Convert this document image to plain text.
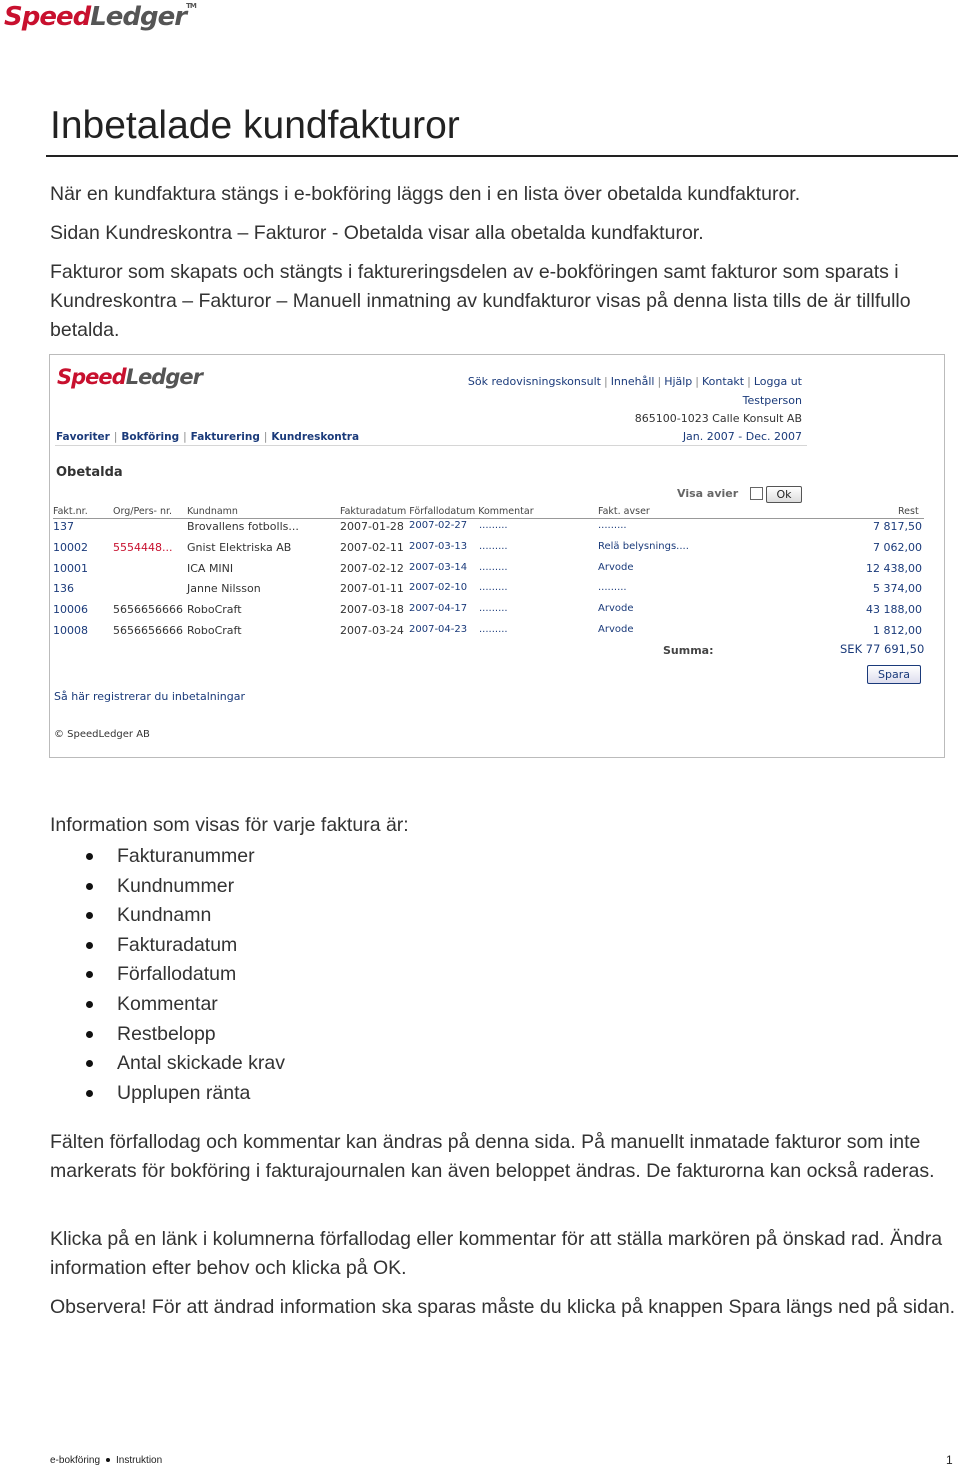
SpeedLedger™
Inbetalade kundfakturor
När en kundfaktura stängs i e-bokföring läggs den i en lista över obetalda kundfakturor.
Sidan Kundreskontra – Fakturor - Obetalda visar alla obetalda kundfakturor.
Fakturor som skapats och stängts i faktureringsdelen av e-bokföringen samt fakturor som sparats i Kundreskontra – Fakturor – Manuell inmatning av kundfakturor visas på denna lista tills de är tillfullo betalda.
SpeedLedger	Sök redovisningskonsult | Innehåll | Hjälp | Kontakt | Logga ut
Testperson
865100-1023 Calle Konsult AB
Jan. 2007 - Dec. 2007
Favoriter | Bokföring | Fakturering | Kundreskontra
Obetalda
Visa avier	Ok
Fakt.nr.	Org/Pers- nr. Kundnamn	Fakturadatum Förfallodatum Kommentar	Fakt. avser	Rest
137	Brovallens fotbolls...	2007-01-28 2007-02-27 .........	.........	7 817,50
10002 5554448... Gnist Elektriska AB	2007-02-11 2007-03-13 .........	Relä belysnings....	7 062,00
10001	ICA MINI	2007-02-12 2007-03-14 .........	Arvode	12 438,00
136	Janne Nilsson	2007-01-11 2007-02-10 .........	.........	5 374,00
10006 5656656666 RoboCraft	2007-03-18 2007-04-17 .........	Arvode	43 188,00
10008 5656656666 RoboCraft	2007-03-24 2007-04-23 .........	Arvode	1 812,00
Summa:	SEK 77 691,50
Spara
Så här registrerar du inbetalningar
© SpeedLedger AB
Information som visas för varje faktura är:
Fakturanummer
Kundnummer
Kundnamn
Fakturadatum
Förfallodatum
Kommentar
Restbelopp
Antal skickade krav
Upplupen ränta
Fälten förfallodag och kommentar kan ändras på denna sida. På manuellt inmatade fakturor som inte markerats för bokföring i fakturajournalen kan även beloppet ändras. De fakturorna kan också raderas.
Klicka på en länk i kolumnerna förfallodag eller kommentar för att ställa markören på önskad rad. Ändra information efter behov och klicka på OK.
Observera! För att ändrad information ska sparas måste du klicka på knappen Spara längs ned på sidan.
e-bokföring Instruktion	1
